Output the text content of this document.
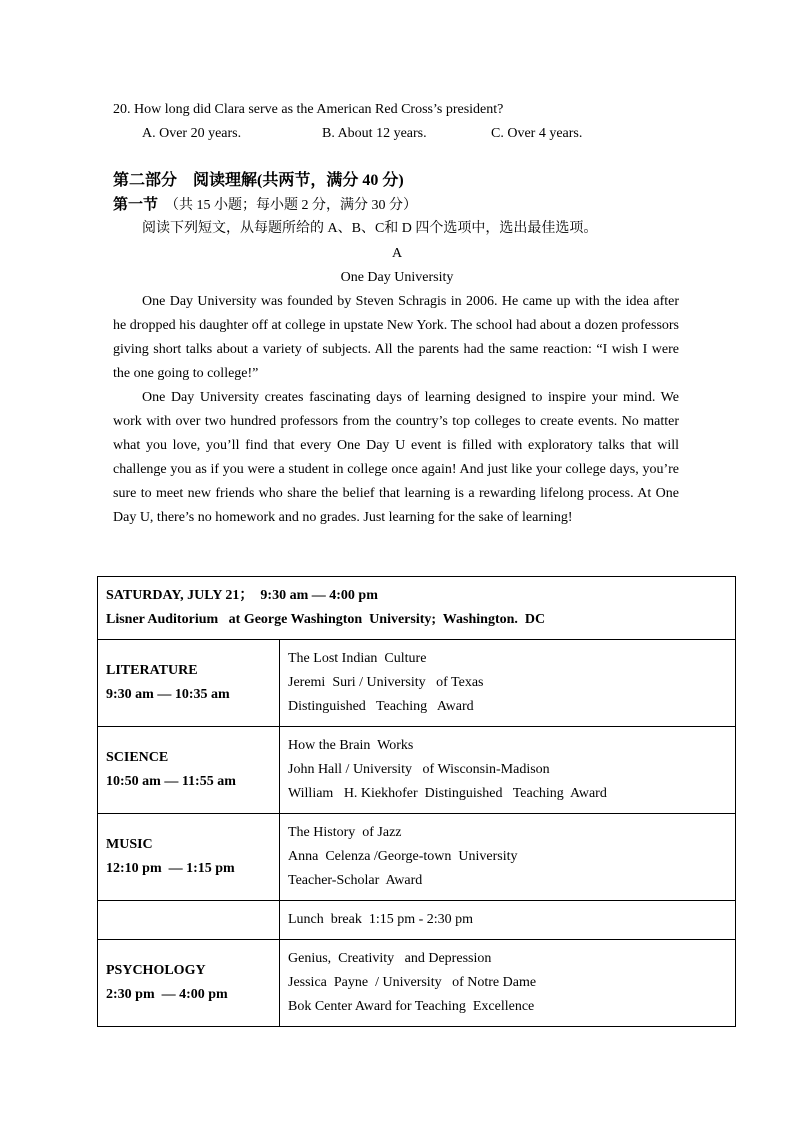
20. How long did Clara serve as the American Red Cross’s president?
A. Over 20 years.	B. About 12 years.	C. Over 4 years.
第二部分　阅读理解(共两节，满分 40 分)
第一节  （共 15 小题；每小题 2 分，满分 30 分）
阅读下列短文，从每题所给的 A、B、C和 D 四个选项中，选出最佳选项。
A
One Day University

One Day University was founded by Steven Schragis in 2006. He came up with the idea after he dropped his daughter off at college in upstate New York. The school had about a dozen professors giving short talks about a variety of subjects. All the parents had the same reaction: “I wish I were the one going to college!”

One Day University creates fascinating days of learning designed to inspire your mind. We work with over two hundred professors from the country’s top colleges to create events. No matter what you love, you’ll find that every One Day U event is filled with exploratory talks that will challenge you as if you were a student in college once again! And just like your college days, you’re sure to meet new friends who share the belief that learning is a rewarding lifelong process. At One Day U, there’s no homework and no grades. Just learning for the sake of learning!

SATURDAY, JULY 21；  9:30 am — 4:00 pm
Lisner Auditorium   at George Washington  University;  Washington.  DC	

LITERATURE
9:30 am — 10:35 am	The Lost Indian  Culture
Jeremi  Suri / University   of Texas
Distinguished   Teaching   Award

SCIENCE
10:50 am — 11:55 am	How the Brain  Works
John Hall / University   of Wisconsin-Madison
William   H. Kiekhofer  Distinguished   Teaching  Award

MUSIC
12:10 pm  — 1:15 pm	The History  of Jazz
Anna  Celenza /George-town  University
Teacher-Scholar  Award

	Lunch  break  1:15 pm - 2:30 pm

PSYCHOLOGY
2:30 pm  — 4:00 pm	Genius,  Creativity   and Depression
Jessica  Payne  / University   of Notre Dame
Bok Center Award for Teaching  Excellence
